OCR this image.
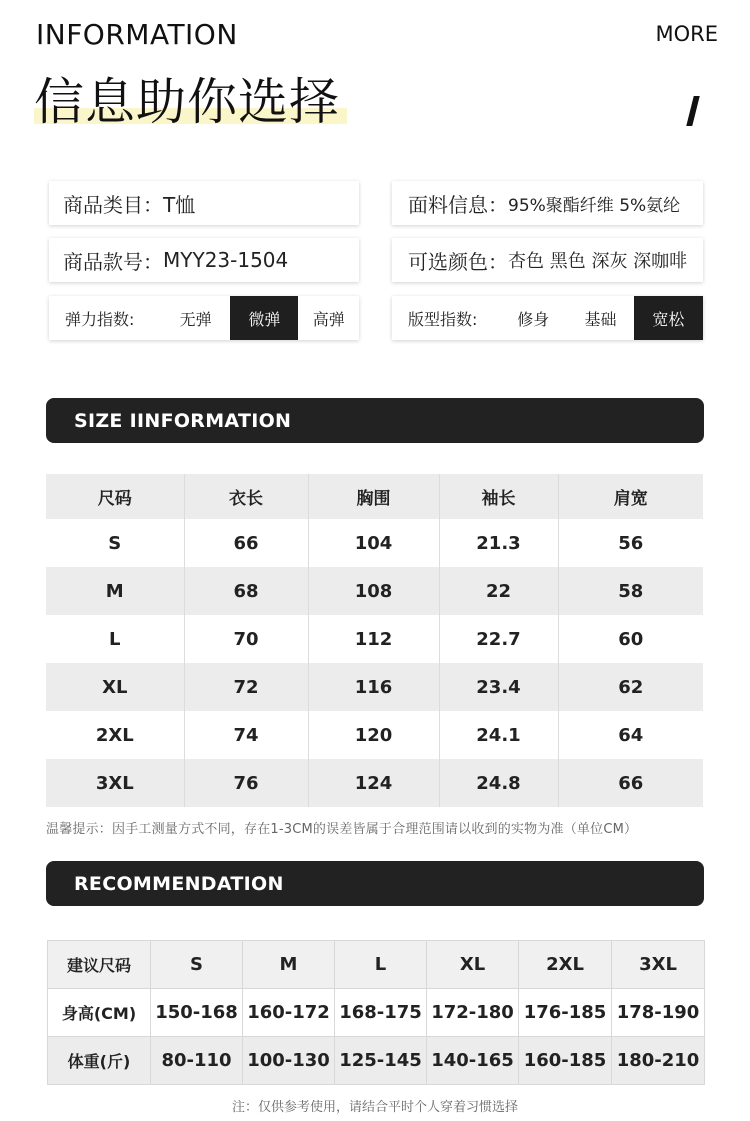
INFORMATION	MORE
信息助你选择
商品类目： T恤	面料信息： 95%聚酯纤维 5%氨纶
商品款号： MYY23-1504	可选颜色： 杏色 黑色 深灰 深咖啡
弹力指数:	无弹	微弹	高弹	版型指数:	修身	基础	宽松
SIZE IINFORMATION
尺码	衣长	胸围	袖长	肩宽
S	66	104	21.3	56
M	68	108	22	58
L	70	112	22.7	60
XL	72	116	23.4	62
2XL	74	120	24.1	64
3XL	76	124	24.8	66
温馨提示：因手工测量方式不同，存在1-3CM的误差皆属于合理范围请以收到的实物为准（单位CM）
RECOMMENDATION
建议尺码	S	M	L	XL	2XL	3XL
身高(CM)	150-168	160-172	168-175	172-180	176-185	178-190
体重(斤)	80-110	100-130	125-145	140-165	160-185	180-210
注：仅供参考使用，请结合平时个人穿着习惯选择
